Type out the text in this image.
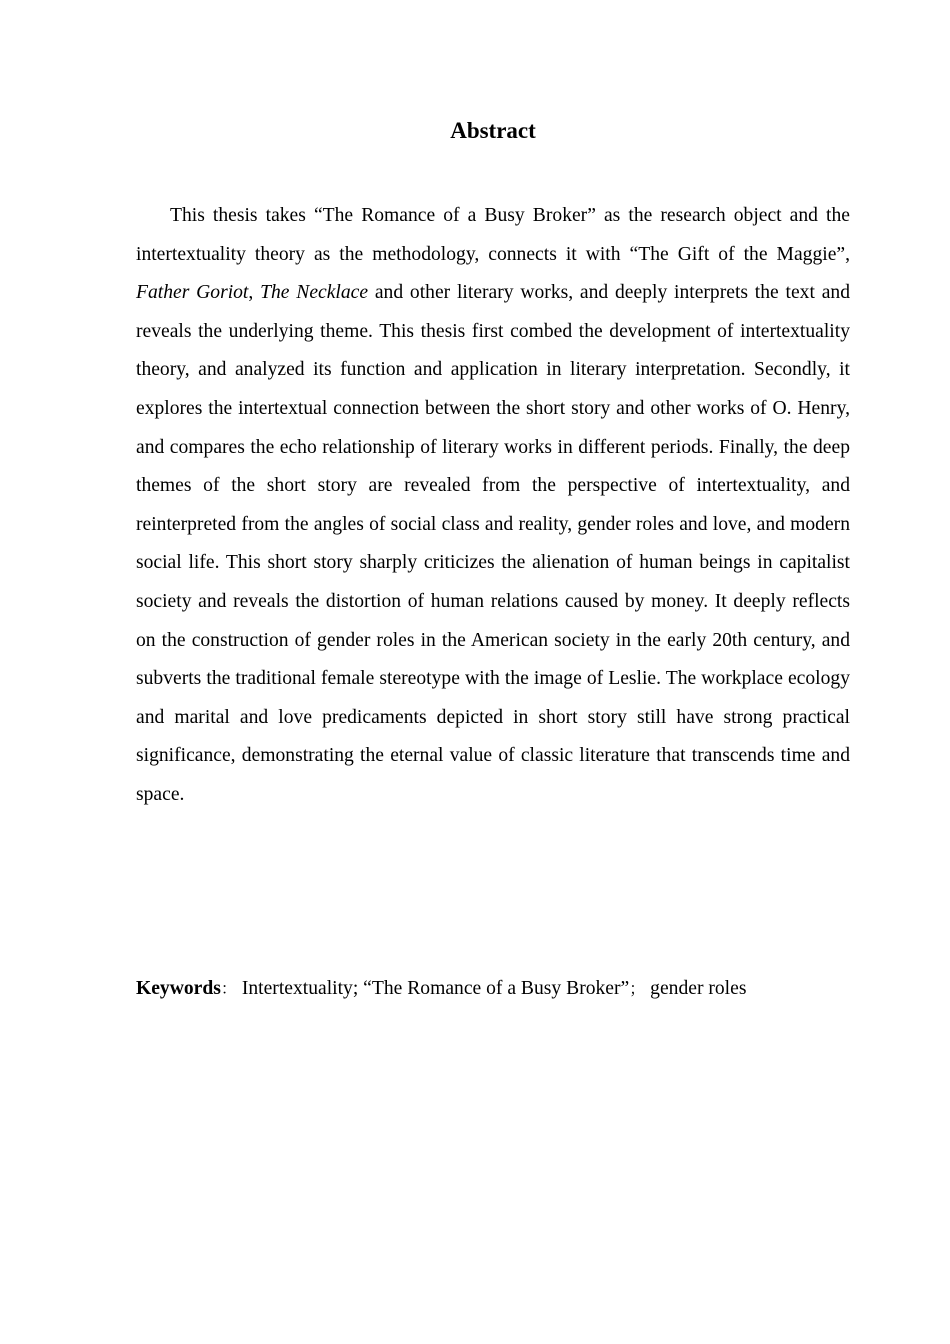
Abstract

This thesis takes “The Romance of a Busy Broker” as the research object and the intertextuality theory as the methodology, connects it with “The Gift of the Maggie”, Father Goriot, The Necklace and other literary works, and deeply interprets the text and reveals the underlying theme. This thesis first combed the development of intertextuality theory, and analyzed its function and application in literary interpretation. Secondly, it explores the intertextual connection between the short story and other works of O. Henry, and compares the echo relationship of literary works in different periods. Finally, the deep themes of the short story are revealed from the perspective of intertextuality, and reinterpreted from the angles of social class and reality, gender roles and love, and modern social life. This short story sharply criticizes the alienation of human beings in capitalist society and reveals the distortion of human relations caused by money. It deeply reflects on the construction of gender roles in the American society in the early 20th century, and subverts the traditional female stereotype with the image of Leslie. The workplace ecology and marital and love predicaments depicted in short story still have strong practical significance, demonstrating the eternal value of classic literature that transcends time and space.

Keywords： Intertextuality; “The Romance of a Busy Broker”； gender roles
